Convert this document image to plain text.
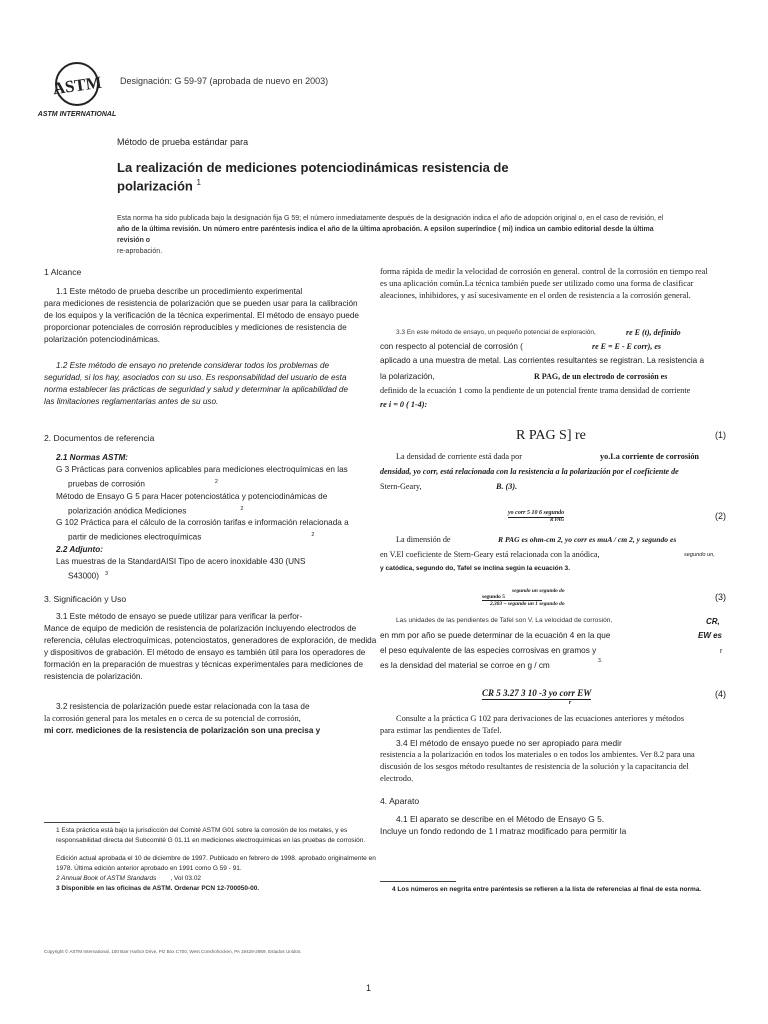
ASTM
ASTM INTERNATIONAL
Designación: G 59-97 (aprobada de nuevo en 2003)
Método de prueba estándar para
La realización de mediciones potenciodinámicas resistencia de polarización $^1$
Esta norma ha sido publicada bajo la designación fija G 59; el número inmediatamente después de la designación indica el año de adopción original o, en el caso de revisión, el
año de la última revisión. Un número entre paréntesis indica el año de la última aprobación. A epsilon superíndice ( mi) indica un cambio editorial desde la última revisión o
re-aprobación.

1 Alcance

1.1 Este método de prueba describe un procedimiento experimental

para mediciones de resistencia de polarización que se pueden usar para la calibración

de los equipos y la verificación de la técnica experimental. El método de ensayo puede

proporcionar potenciales de corrosión reproducibles y mediciones de resistencia de

polarización potenciodinámicas.

1.2 Este método de ensayo no pretende considerar todos los problemas de

seguridad, si los hay, asociados con su uso. Es responsabilidad del usuario de esta

norma establecer las prácticas de seguridad y salud y determinar la aplicabilidad de

las limitaciones reglamentarias antes de su uso.

2. Documentos de referencia

2.1 Normas ASTM:

G 3 Prácticas para convenios aplicables para mediciones electroquímicas en las

pruebas de corrosión	$^2$

Método de Ensayo G 5 para Hacer potenciostática y potenciodinámicas de

polarización anódica Mediciones	$^2$

G 102 Práctica para el cálculo de la corrosión tarifas e información relacionada a

partir de mediciones electroquímicas	$^2$

2.2 Adjunto:

Las muestras de la StandardAISI Tipo de acero inoxidable 430 (UNS

S43000) $^3$

3. Significación y Uso

3.1 Este método de ensayo se puede utilizar para verificar la perfor-

Mance de equipo de medición de resistencia de polarización incluyendo electrodos de

referencia, células electroquímicas, potenciostatos, generadores de exploración, de medida

y dispositivos de grabación. El método de ensayo es también útil para los operadores de

formación en la preparación de muestras y técnicas experimentales para mediciones de

resistencia de polarización.

3.2 resistencia de polarización puede estar relacionada con la tasa de

la corrosión general para los metales en o cerca de su potencial de corrosión,

mi corr. mediciones de la resistencia de polarización son una precisa y

1 Esta práctica está bajo la jurisdicción del Comité ASTM G01 sobre la corrosión de los metales, y es
responsabilidad directa del Subcomité G 01.11 en mediciones electroquímicas en las pruebas de corrosión.
Edición actual aprobada el 10 de diciembre de 1997. Publicado en febrero de 1998. aprobado originalmente en
1978. Última edición anterior aprobado en 1991 como G 59 - 91.
2 Annual Book of ASTM Standards , Vol 03.02
3 Disponible en las oficinas de ASTM. Ordenar PCN 12-700050-00.

forma rápida de medir la velocidad de corrosión en general. control de la corrosión en tiempo real

es una aplicación común.La técnica también puede ser utilizado como una forma de clasificar

aleaciones, inhibidores, y así sucesivamente en el orden de resistencia a la corrosión general.

3.3 En este método de ensayo, un pequeño potencial de exploración,	re E (t), definido
con respecto al potencial de corrosión (	re E = E - E corr), es
aplicado a una muestra de metal. Las corrientes resultantes se registran. La resistencia a
la polarización,	R PAG, de un electrodo de corrosión es
definido de la ecuación 1 como la pendiente de un potencial frente trama densidad de corriente
re i = 0 ( 1-4):
R PAG S] re	(1)
La densidad de corriente está dada por	yo.La corriente de corrosión
densidad, yo corr, está relacionada con la resistencia a la polarización por el coeficiente de
Stern-Geary,	B. (3).
yo corr 5 10 6 segundo
R PAG	(2)
La dimensión de	R PAG es ohm-cm 2, yo corr es muA / cm 2, y segundo es
en V.El coeficiente de Stern-Geary está relacionada con la anódica,	segundo un,
y catódica, segundo do, Tafel se inclina según la ecuación 3.
segundo un segundo do
segundo 5
2,303 ~ segundo un 1 segundo do
(3)
Las unidades de las pendientes de Tafel son V. La velocidad de corrosión,	CR,
en mm por año se puede determinar de la ecuación 4 en la que	EW es
el peso equivalente de las especies corrosivas en gramos y	r
es la densidad del material se corroe en g / cm	3.
CR 5 3.27 3 10 -3 yo corr EW
r
(4)

Consulte a la práctica G 102 para derivaciones de las ecuaciones anteriores y métodos

para estimar las pendientes de Tafel.

3.4 El método de ensayo puede no ser apropiado para medir

resistencia a la polarización en todos los materiales o en todos los ambientes. Ver 8.2 para una

discusión de los sesgos método resultantes de resistencia de la solución y la capacitancia del

electrodo.

4. Aparato

4.1 El aparato se describe en el Método de Ensayo G 5.

Incluye un fondo redondo de 1 l matraz modificado para permitir la

4 Los números en negrita entre paréntesis se refieren a la lista de referencias al final de esta norma.
Copyright © ASTM International, 100 Barr Harbor Drive, PO Box C700, West Conshohocken, PA 19428-2959, Estados Unidos.
1
